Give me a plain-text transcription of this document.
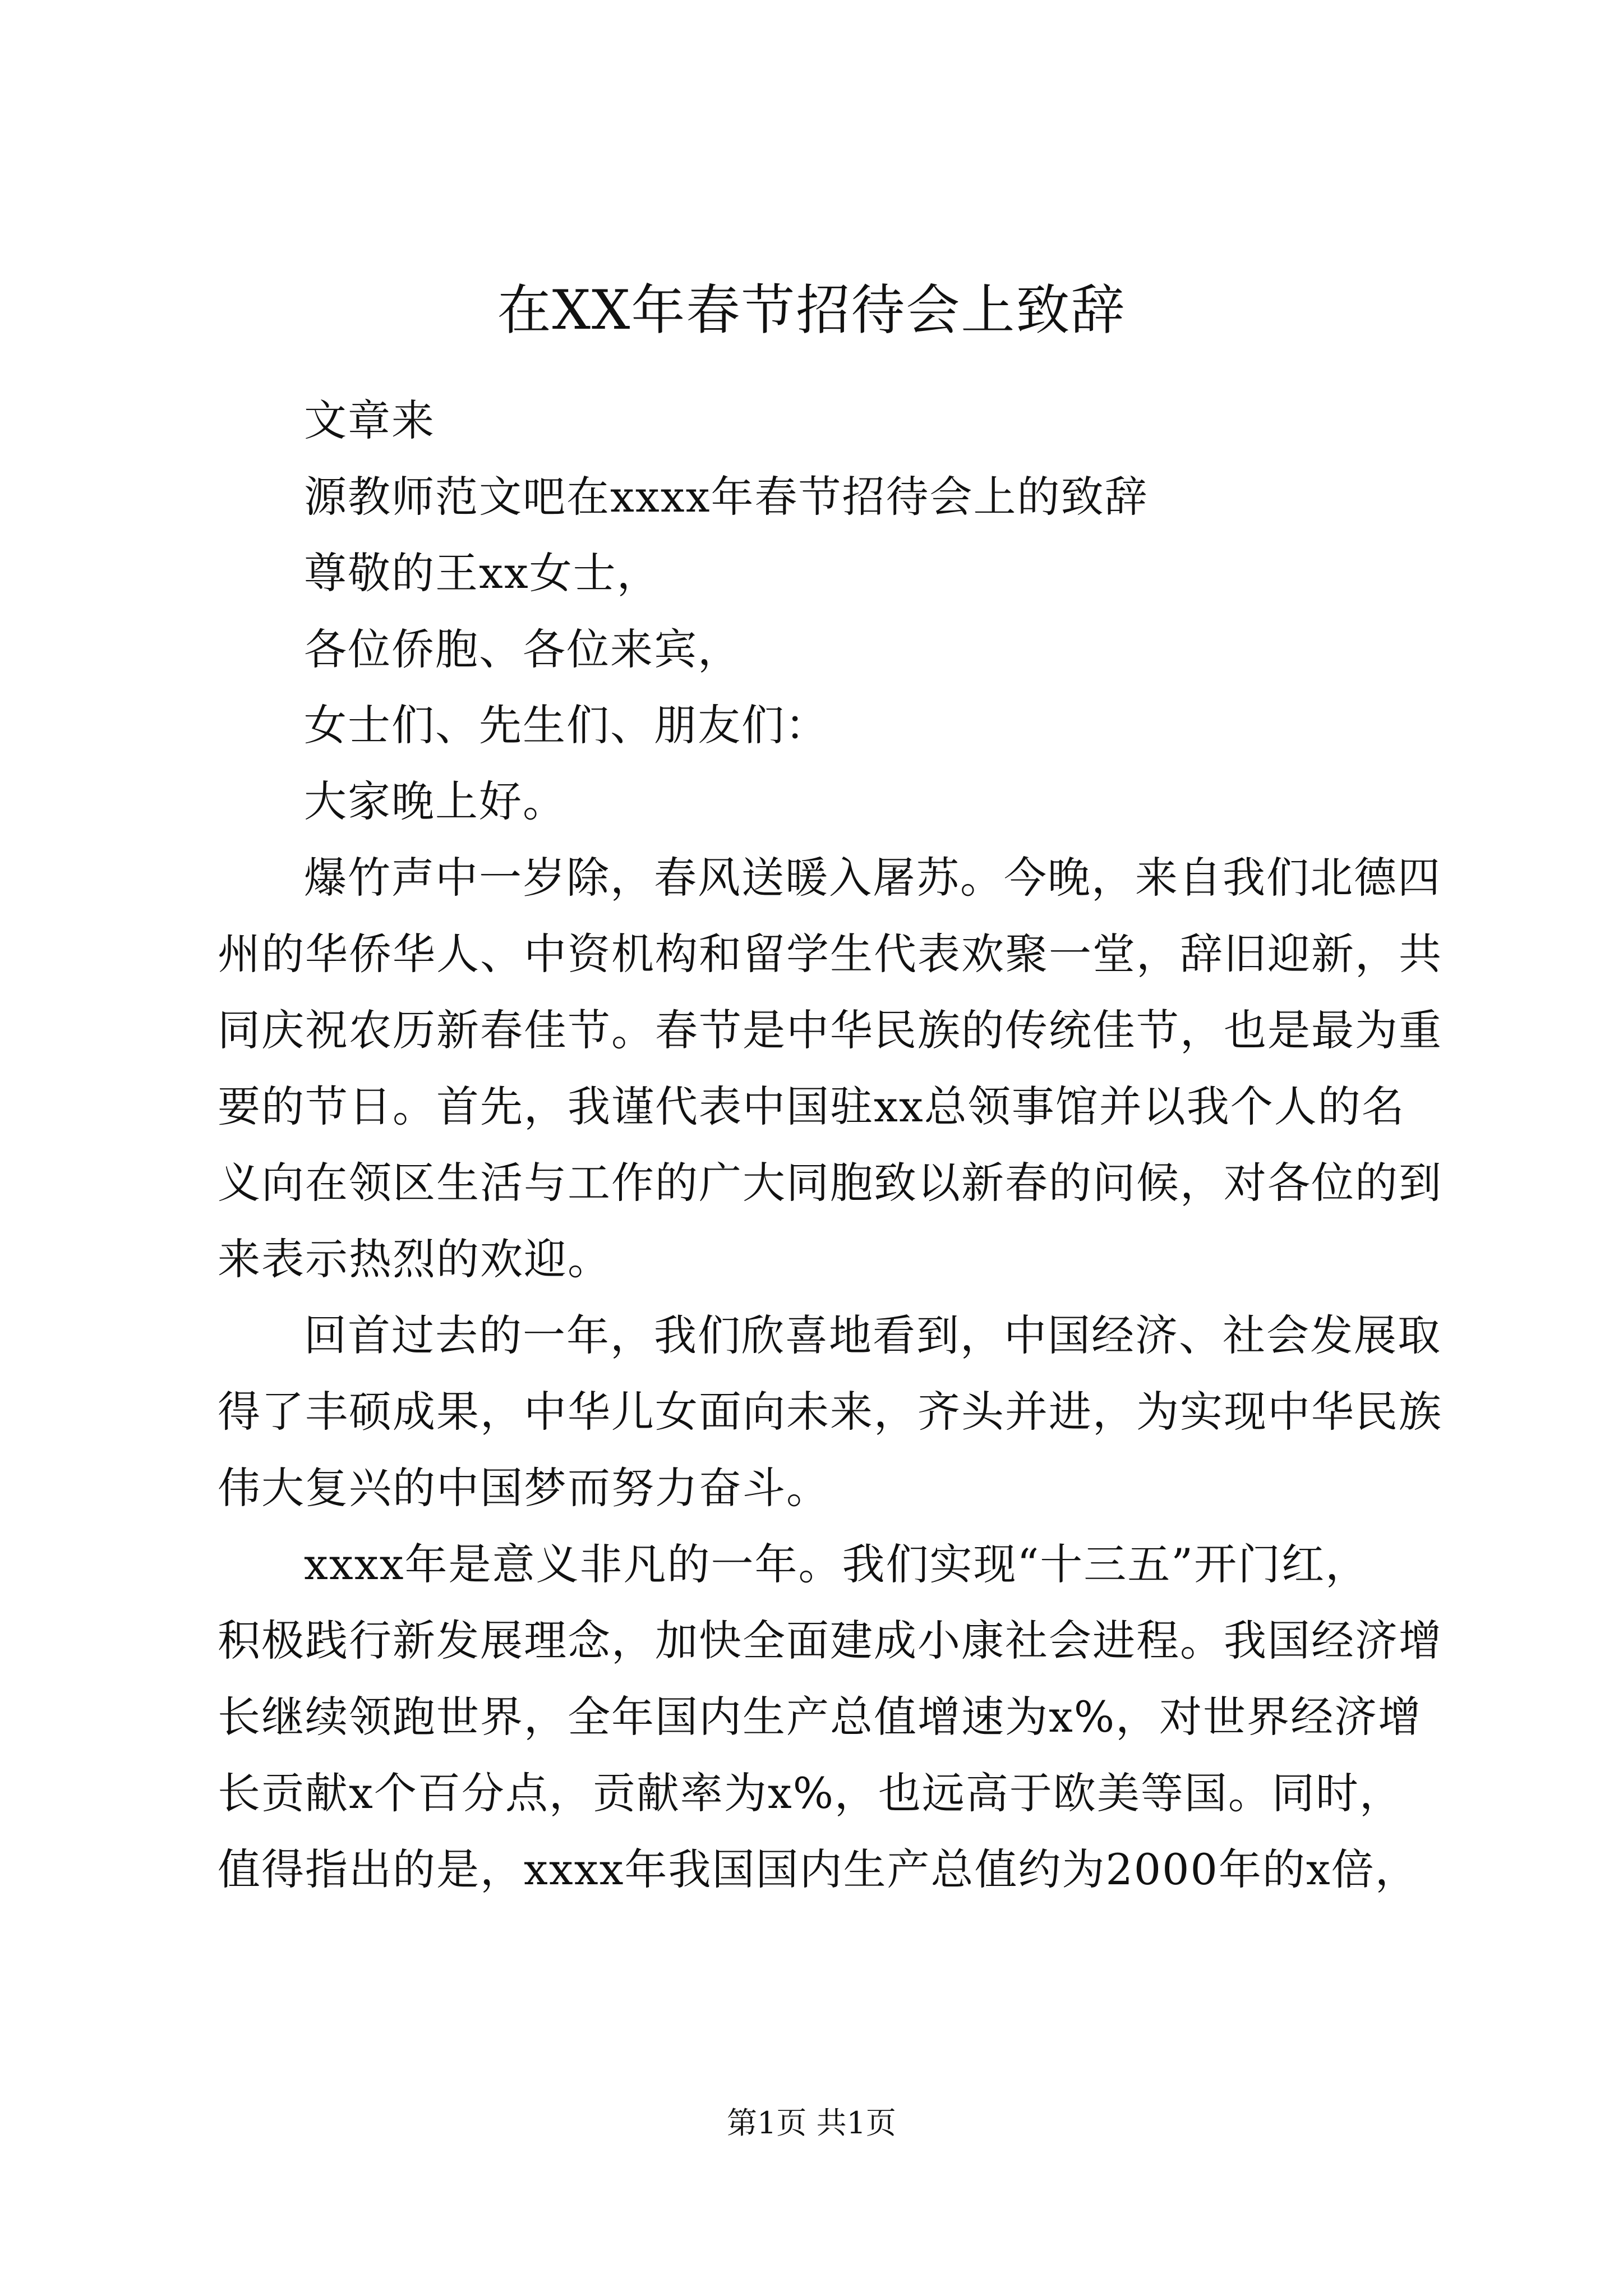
在XX年春节招待会上致辞
文章来
源教师范文吧在xxxx年春节招待会上的致辞
尊敬的王xx女士，
各位侨胞、各位来宾，
女士们、先生们、朋友们：
大家晚上好。
爆竹声中一岁除，春风送暖入屠苏。今晚，来自我们北德四
州的华侨华人、中资机构和留学生代表欢聚一堂，辞旧迎新，共
同庆祝农历新春佳节。春节是中华民族的传统佳节，也是最为重
要的节日。首先，我谨代表中国驻xx总领事馆并以我个人的名
义向在领区生活与工作的广大同胞致以新春的问候，对各位的到
来表示热烈的欢迎。
回首过去的一年，我们欣喜地看到，中国经济、社会发展取
得了丰硕成果，中华儿女面向未来，齐头并进，为实现中华民族
伟大复兴的中国梦而努力奋斗。
xxxx年是意义非凡的一年。我们实现“十三五”开门红，
积极践行新发展理念，加快全面建成小康社会进程。我国经济增
长继续领跑世界，全年国内生产总值增速为x%，对世界经济增
长贡献x个百分点，贡献率为x%，也远高于欧美等国。同时，
值得指出的是，xxxx年我国国内生产总值约为2000年的x倍，
第1页 共1页
